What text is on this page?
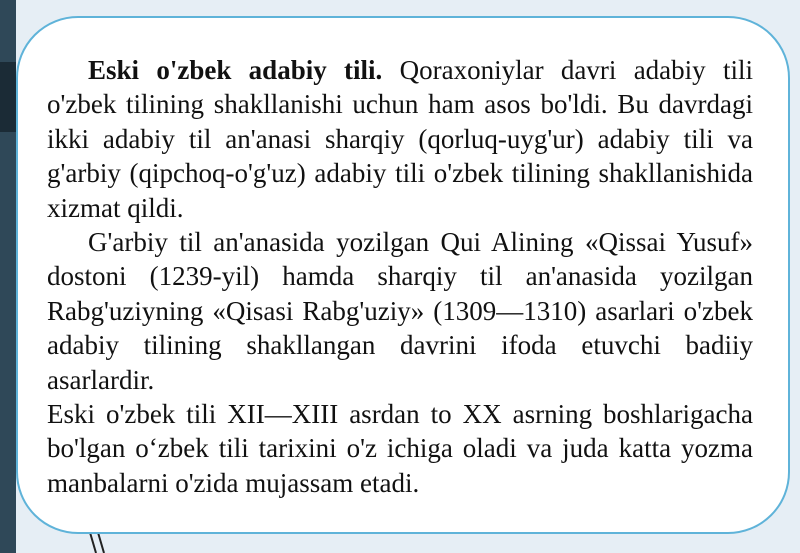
Eski o'zbek adabiy tili. Qoraxoniylar davri adabiy tili o'zbek tilining shakllanishi uchun ham asos bo'ldi. Bu davrdagi ikki adabiy til an'anasi sharqiy (qorluq-uyg'ur) adabiy tili va g'arbiy (qipchoq-o'g'uz) adabiy tili o'zbek tilining shakllanishida xizmat qildi.

G'arbiy til an'anasida yozilgan Qui Alining «Qissai Yusuf» dostoni (1239-yil) hamda sharqiy til an'anasida yozilgan Rabg'uziyning «Qisasi Rabg'uziy» (1309—1310) asarlari o'zbek adabiy tilining shakllangan davrini ifoda etuvchi badiiy asarlardir.

Eski o'zbek tili XII—XIII asrdan to XX asrning boshlarigacha bo'lgan o‘zbek tili tarixini o'z ichiga oladi va juda katta yozma manbalarni o'zida mujassam etadi.
